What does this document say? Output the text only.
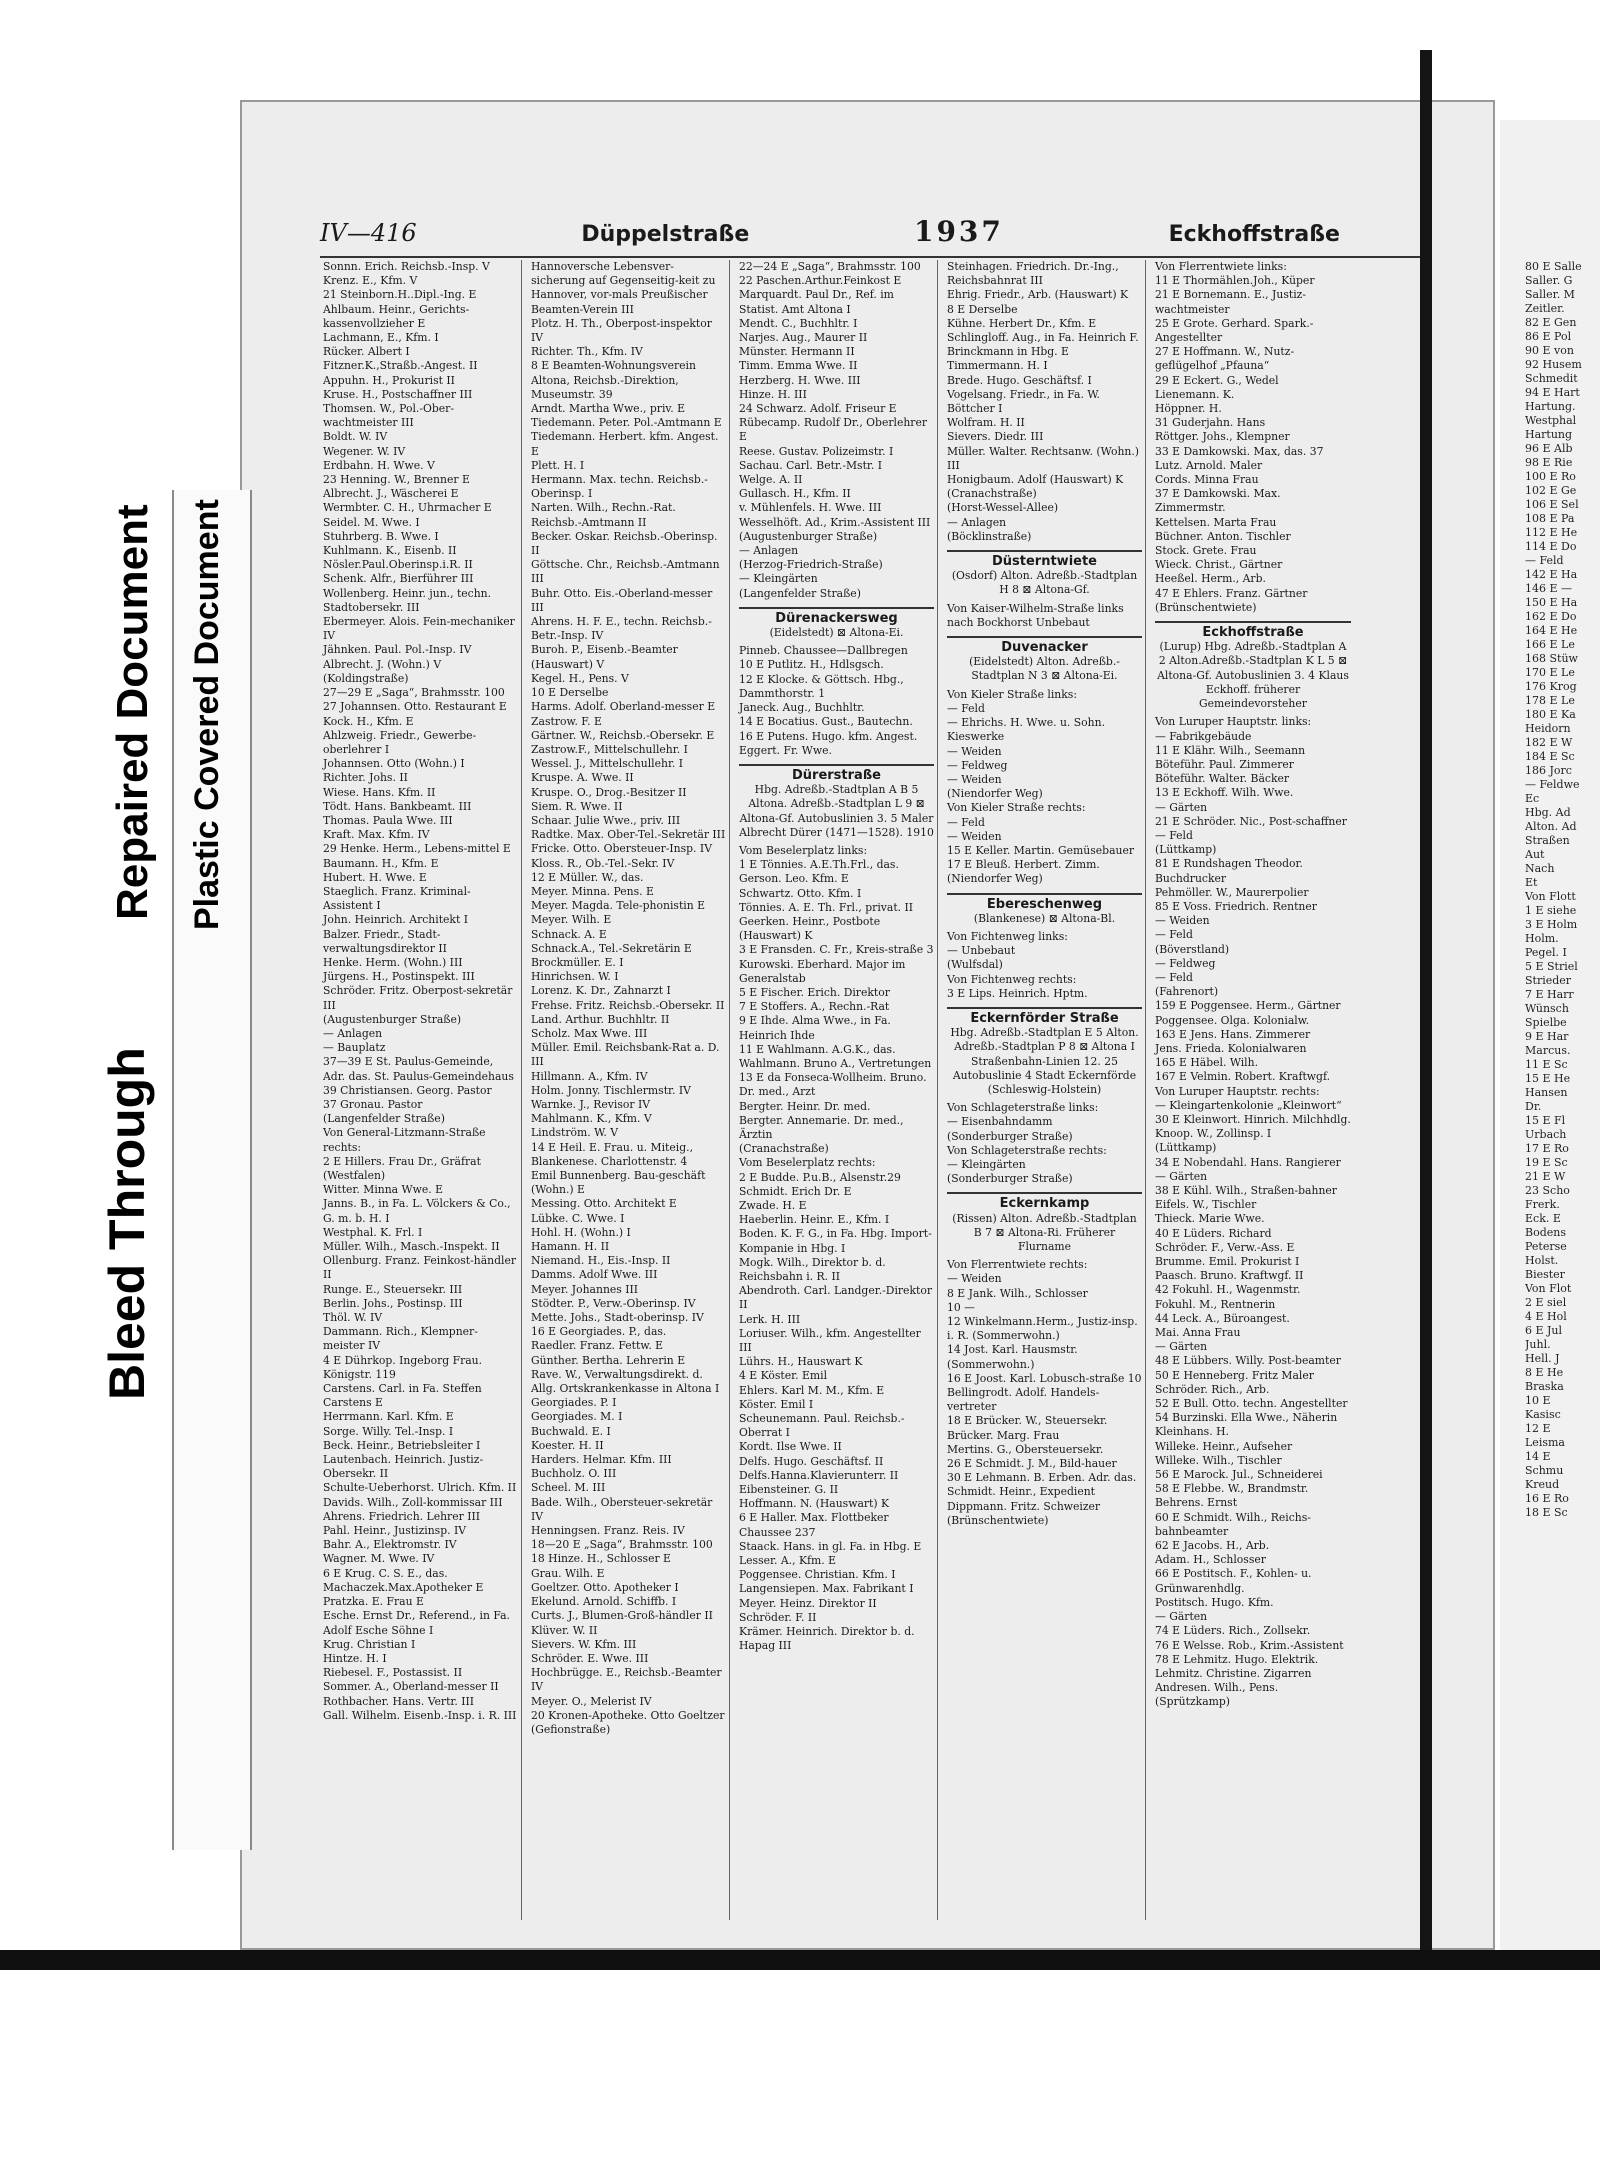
Bleed Through
Repaired Document Plastic Covered Document
IV—416	Düppelstraße	1937	Eckhoffstraße
Sonnn. Erich. Reichsb.-Insp. V
Krenz. E., Kfm. V
21 Steinborn.H..Dipl.-Ing. E
Ahlbaum. Heinr., Gerichts-kassenvollzieher E
Lachmann, E., Kfm. I
Rücker. Albert I
Fitzner.K.,Straßb.-Angest. II
Appuhn. H., Prokurist II
Kruse. H., Postschaffner III
Thomsen. W., Pol.-Ober-wachtmeister III
Boldt. W. IV
Wegener. W. IV
Erdbahn. H. Wwe. V
23 Henning. W., Brenner E
Albrecht. J., Wäscherei E
Wermbter. C. H., Uhrmacher E
Seidel. M. Wwe. I
Stuhrberg. B. Wwe. I
Kuhlmann. K., Eisenb. II
Nösler.Paul.Oberinsp.i.R. II
Schenk. Alfr., Bierführer III
Wollenberg. Heinr. jun., techn. Stadtobersekr. III
Ebermeyer. Alois. Fein-mechaniker IV
Jähnken. Paul. Pol.-Insp. IV
Albrecht. J. (Wohn.) V
(Koldingstraße)
27—29 E „Saga“, Brahmsstr. 100
27 Johannsen. Otto. Restaurant E
Kock. H., Kfm. E
Ahlzweig. Friedr., Gewerbe-oberlehrer I
Johannsen. Otto (Wohn.) I
Richter. Johs. II
Wiese. Hans. Kfm. II
Tödt. Hans. Bankbeamt. III
Thomas. Paula Wwe. III
Kraft. Max. Kfm. IV
29 Henke. Herm., Lebens-mittel E
Baumann. H., Kfm. E
Hubert. H. Wwe. E
Staeglich. Franz. Kriminal-Assistent I
John. Heinrich. Architekt I
Balzer. Friedr., Stadt-verwaltungsdirektor II
Henke. Herm. (Wohn.) III
Jürgens. H., Postinspekt. III
Schröder. Fritz. Oberpost-sekretär III
(Augustenburger Straße)
— Anlagen
— Bauplatz
37—39 E St. Paulus-Gemeinde, Adr. das. St. Paulus-Gemeindehaus
39 Christiansen. Georg. Pastor
37 Gronau. Pastor
(Langenfelder Straße)
Von General-Litzmann-Straße rechts:
2 E Hillers. Frau Dr., Gräfrat (Westfalen)
Witter. Minna Wwe. E
Janns. B., in Fa. L. Völckers & Co., G. m. b. H. I
Westphal. K. Frl. I
Müller. Wilh., Masch.-Inspekt. II
Ollenburg. Franz. Feinkost-händler II
Runge. E., Steuersekr. III
Berlin. Johs., Postinsp. III
Thöl. W. IV
Dammann. Rich., Klempner-meister IV
4 E Dührkop. Ingeborg Frau. Königstr. 119
Carstens. Carl. in Fa. Steffen Carstens E
Herrmann. Karl. Kfm. E
Sorge. Willy. Tel.-Insp. I
Beck. Heinr., Betriebsleiter I
Lautenbach. Heinrich. Justiz-Obersekr. II
Schulte-Ueberhorst. Ulrich. Kfm. II
Davids. Wilh., Zoll-kommissar III
Ahrens. Friedrich. Lehrer III
Pahl. Heinr., Justizinsp. IV
Bahr. A., Elektromstr. IV
Wagner. M. Wwe. IV
6 E Krug. C. S. E., das. Machaczek.Max.Apotheker E
Pratzka. E. Frau E
Esche. Ernst Dr., Referend., in Fa. Adolf Esche Söhne I
Krug. Christian I
Hintze. H. I
Riebesel. F., Postassist. II
Sommer. A., Oberland-messer II
Rothbacher. Hans. Vertr. III
Gall. Wilhelm. Eisenb.-Insp. i. R. III
Hannoversche Lebensver-sicherung auf Gegenseitig-keit zu Hannover, vor-mals Preußischer Beamten-Verein III
Plotz. H. Th., Oberpost-inspektor IV
Richter. Th., Kfm. IV
8 E Beamten-Wohnungsverein Altona, Reichsb.-Direktion, Museumstr. 39
Arndt. Martha Wwe., priv. E
Tiedemann. Peter. Pol.-Amtmann E
Tiedemann. Herbert. kfm. Angest. E
Plett. H. I
Hermann. Max. techn. Reichsb.-Oberinsp. I
Narten. Wilh., Rechn.-Rat. Reichsb.-Amtmann II
Becker. Oskar. Reichsb.-Oberinsp. II
Göttsche. Chr., Reichsb.-Amtmann III
Buhr. Otto. Eis.-Oberland-messer III
Ahrens. H. F. E., techn. Reichsb.-Betr.-Insp. IV
Buroh. P., Eisenb.-Beamter (Hauswart) V
Kegel. H., Pens. V
10 E Derselbe
Harms. Adolf. Oberland-messer E
Zastrow. F. E
Gärtner. W., Reichsb.-Obersekr. E
Zastrow.F., Mittelschullehr. I
Wessel. J., Mittelschullehr. I
Kruspe. A. Wwe. II
Kruspe. O., Drog.-Besitzer II
Siem. R. Wwe. II
Schaar. Julie Wwe., priv. III
Radtke. Max. Ober-Tel.-Sekretär III
Fricke. Otto. Obersteuer-Insp. IV
Kloss. R., Ob.-Tel.-Sekr. IV
12 E Müller. W., das.
Meyer. Minna. Pens. E
Meyer. Magda. Tele-phonistin E
Meyer. Wilh. E
Schnack. A. E
Schnack.A., Tel.-Sekretärin E
Brockmüller. E. I
Hinrichsen. W. I
Lorenz. K. Dr., Zahnarzt I
Frehse. Fritz. Reichsb.-Obersekr. II
Land. Arthur. Buchhltr. II
Scholz. Max Wwe. III
Müller. Emil. Reichsbank-Rat a. D. III
Hillmann. A., Kfm. IV
Holm. Jonny. Tischlermstr. IV
Warnke. J., Revisor IV
Mahlmann. K., Kfm. V
Lindström. W. V
14 E Heil. E. Frau. u. Miteig., Blankenese. Charlottenstr. 4
Emil Bunnenberg. Bau-geschäft (Wohn.) E
Messing. Otto. Architekt E
Lübke. C. Wwe. I
Hohl. H. (Wohn.) I
Hamann. H. II
Niemand. H., Eis.-Insp. II
Damms. Adolf Wwe. III
Meyer. Johannes III
Stödter. P., Verw.-Oberinsp. IV
Mette. Johs., Stadt-oberinsp. IV
16 E Georgiades. P., das.
Raedler. Franz. Fettw. E
Günther. Bertha. Lehrerin E
Rave. W., Verwaltungsdirekt. d. Allg. Ortskrankenkasse in Altona I
Georgiades. P. I
Georgiades. M. I
Buchwald. E. I
Koester. H. II
Harders. Helmar. Kfm. III
Buchholz. O. III
Scheel. M. III
Bade. Wilh., Obersteuer-sekretär IV
Henningsen. Franz. Reis. IV
18—20 E „Saga“, Brahmsstr. 100
18 Hinze. H., Schlosser E
Grau. Wilh. E
Goeltzer. Otto. Apotheker I
Ekelund. Arnold. Schiffb. I
Curts. J., Blumen-Groß-händler II
Klüver. W. II
Sievers. W. Kfm. III
Schröder. E. Wwe. III
Hochbrügge. E., Reichsb.-Beamter IV
Meyer. O., Melerist IV
20 Kronen-Apotheke. Otto Goeltzer
(Gefionstraße)
22—24 E „Saga“, Brahmsstr. 100
22 Paschen.Arthur.Feinkost E
Marquardt. Paul Dr., Ref. im Statist. Amt Altona I
Mendt. C., Buchhltr. I
Narjes. Aug., Maurer II
Münster. Hermann II
Timm. Emma Wwe. II
Herzberg. H. Wwe. III
Hinze. H. III
24 Schwarz. Adolf. Friseur E
Rübecamp. Rudolf Dr., Oberlehrer E
Reese. Gustav. Polizeimstr. I
Sachau. Carl. Betr.-Mstr. I
Welge. A. II
Gullasch. H., Kfm. II
v. Mühlenfels. H. Wwe. III
Wesselhöft. Ad., Krim.-Assistent III
(Augustenburger Straße)
— Anlagen
(Herzog-Friedrich-Straße)
— Kleingärten
(Langenfelder Straße)
Dürenackersweg
(Eidelstedt) ⊠ Altona-Ei.
Pinneb. Chaussee—Dallbregen
10 E Putlitz. H., Hdlsgsch.
12 E Klocke. & Göttsch. Hbg., Dammthorstr. 1
Janeck. Aug., Buchhltr.
14 E Bocatius. Gust., Bautechn.
16 E Putens. Hugo. kfm. Angest.
Eggert. Fr. Wwe.
Dürerstraße
Hbg. Adreßb.-Stadtplan A B 5 Altona. Adreßb.-Stadtplan L 9 ⊠ Altona-Gf. Autobuslinien 3. 5 Maler Albrecht Dürer (1471—1528). 1910
Vom Beselerplatz links:
1 E Tönnies. A.E.Th.Frl., das.
Gerson. Leo. Kfm. E
Schwartz. Otto. Kfm. I
Tönnies. A. E. Th. Frl., privat. II
Geerken. Heinr., Postbote (Hauswart) K
3 E Fransden. C. Fr., Kreis-straße 3
Kurowski. Eberhard. Major im Generalstab
5 E Fischer. Erich. Direktor
7 E Stoffers. A., Rechn.-Rat
9 E Ihde. Alma Wwe., in Fa. Heinrich Ihde
11 E Wahlmann. A.G.K., das. Wahlmann. Bruno A., Vertretungen
13 E da Fonseca-Wollheim. Bruno. Dr. med., Arzt
Bergter. Heinr. Dr. med.
Bergter. Annemarie. Dr. med., Ärztin
(Cranachstraße)
Vom Beselerplatz rechts:
2 E Budde. P.u.B., Alsenstr.29
Schmidt. Erich Dr. E
Zwade. H. E
Haeberlin. Heinr. E., Kfm. I
Boden. K. F. G., in Fa. Hbg. Import-Kompanie in Hbg. I
Mogk. Wilh., Direktor b. d. Reichsbahn i. R. II
Abendroth. Carl. Landger.-Direktor II
Lerk. H. III
Loriuser. Wilh., kfm. Angestellter III
Lührs. H., Hauswart K
4 E Köster. Emil
Ehlers. Karl M. M., Kfm. E
Köster. Emil I
Scheunemann. Paul. Reichsb.-Oberrat I
Kordt. Ilse Wwe. II
Delfs. Hugo. Geschäftsf. II
Delfs.Hanna.Klavierunterr. II
Eibensteiner. G. II
Hoffmann. N. (Hauswart) K
6 E Haller. Max. Flottbeker Chaussee 237
Staack. Hans. in gl. Fa. in Hbg. E
Lesser. A., Kfm. E
Poggensee. Christian. Kfm. I
Langensiepen. Max. Fabrikant I
Meyer. Heinz. Direktor II
Schröder. F. II
Krämer. Heinrich. Direktor b. d. Hapag III
Steinhagen. Friedrich. Dr.-Ing., Reichsbahnrat III
Ehrig. Friedr., Arb. (Hauswart) K
8 E Derselbe
Kühne. Herbert Dr., Kfm. E
Schlingloff. Aug., in Fa. Heinrich F. Brinckmann in Hbg. E
Timmermann. H. I
Brede. Hugo. Geschäftsf. I
Vogelsang. Friedr., in Fa. W. Böttcher I
Wolfram. H. II
Sievers. Diedr. III
Müller. Walter. Rechtsanw. (Wohn.) III
Honigbaum. Adolf (Hauswart) K
(Cranachstraße)
(Horst-Wessel-Allee)
— Anlagen
(Böcklinstraße)
Düsterntwiete
(Osdorf) Alton. Adreßb.-Stadtplan H 8 ⊠ Altona-Gf.
Von Kaiser-Wilhelm-Straße links nach Bockhorst Unbebaut
Duvenacker
(Eidelstedt) Alton. Adreßb.-Stadtplan N 3 ⊠ Altona-Ei.
Von Kieler Straße links:
— Feld
— Ehrichs. H. Wwe. u. Sohn. Kieswerke
— Weiden
— Feldweg
— Weiden
(Niendorfer Weg)
Von Kieler Straße rechts:
— Feld
— Weiden
15 E Keller. Martin. Gemüsebauer
17 E Bleuß. Herbert. Zimm. (Niendorfer Weg)
Ebereschenweg
(Blankenese) ⊠ Altona-Bl.
Von Fichtenweg links:
— Unbebaut
(Wulfsdal)
Von Fichtenweg rechts:
3 E Lips. Heinrich. Hptm.
Eckernförder Straße
Hbg. Adreßb.-Stadtplan E 5 Alton. Adreßb.-Stadtplan P 8 ⊠ Altona I Straßenbahn-Linien 12. 25 Autobuslinie 4 Stadt Eckernförde (Schleswig-Holstein)
Von Schlageterstraße links:
— Eisenbahndamm
(Sonderburger Straße)
Von Schlageterstraße rechts:
— Kleingärten
(Sonderburger Straße)
Eckernkamp
(Rissen) Alton. Adreßb.-Stadtplan B 7 ⊠ Altona-Ri. Früherer Flurname
Von Flerrentwiete rechts:
— Weiden
8 E Jank. Wilh., Schlosser
10 —
12 Winkelmann.Herm., Justiz-insp. i. R. (Sommerwohn.)
14 Jost. Karl. Hausmstr. (Sommerwohn.)
16 E Joost. Karl. Lobusch-straße 10
Bellingrodt. Adolf. Handels-vertreter
18 E Brücker. W., Steuersekr.
Brücker. Marg. Frau
Mertins. G., Obersteuersekr.
26 E Schmidt. J. M., Bild-hauer
30 E Lehmann. B. Erben. Adr. das.
Schmidt. Heinr., Expedient
Dippmann. Fritz. Schweizer
(Brünschentwiete)
Von Flerrentwiete links:
11 E Thormählen.Joh., Küper
21 E Bornemann. E., Justiz-wachtmeister
25 E Grote. Gerhard. Spark.-Angestellter
27 E Hoffmann. W., Nutz-geflügelhof „Pfauna“
29 E Eckert. G., Wedel
Lienemann. K.
Höppner. H.
31 Guderjahn. Hans
Röttger. Johs., Klempner
33 E Damkowski. Max, das. 37
Lutz. Arnold. Maler
Cords. Minna Frau
37 E Damkowski. Max. Zimmermstr.
Kettelsen. Marta Frau
Büchner. Anton. Tischler
Stock. Grete. Frau
Wieck. Christ., Gärtner
Heeßel. Herm., Arb.
47 E Ehlers. Franz. Gärtner
(Brünschentwiete)
Eckhoffstraße
(Lurup) Hbg. Adreßb.-Stadtplan A 2 Alton.Adreßb.-Stadtplan K L 5 ⊠ Altona-Gf. Autobuslinien 3. 4 Klaus Eckhoff. früherer Gemeindevorsteher
Von Luruper Hauptstr. links:
— Fabrikgebäude
11 E Klähr. Wilh., Seemann
Böteführ. Paul. Zimmerer
Böteführ. Walter. Bäcker
13 E Eckhoff. Wilh. Wwe.
— Gärten
21 E Schröder. Nic., Post-schaffner
— Feld
(Lüttkamp)
81 E Rundshagen Theodor. Buchdrucker
Pehmöller. W., Maurerpolier
85 E Voss. Friedrich. Rentner
— Weiden
— Feld
(Böverstland)
— Feldweg
— Feld
(Fahrenort)
159 E Poggensee. Herm., Gärtner
Poggensee. Olga. Kolonialw.
163 E Jens. Hans. Zimmerer
Jens. Frieda. Kolonialwaren
165 E Häbel. Wilh.
167 E Velmin. Robert. Kraftwgf.
Von Luruper Hauptstr. rechts:
— Kleingartenkolonie „Kleinwort“
30 E Kleinwort. Hinrich. Milchhdlg.
Knoop. W., Zollinsp. I
(Lüttkamp)
34 E Nobendahl. Hans. Rangierer
— Gärten
38 E Kühl. Wilh., Straßen-bahner
Eifels. W., Tischler
Thieck. Marie Wwe.
40 E Lüders. Richard
Schröder. F., Verw.-Ass. E
Brumme. Emil. Prokurist I
Paasch. Bruno. Kraftwgf. II
42 Fokuhl. H., Wagenmstr.
Fokuhl. M., Rentnerin
44 Leck. A., Büroangest.
Mai. Anna Frau
— Gärten
48 E Lübbers. Willy. Post-beamter
50 E Henneberg. Fritz Maler
Schröder. Rich., Arb.
52 E Bull. Otto. techn. Angestellter
54 Burzinski. Ella Wwe., Näherin
Kleinhans. H.
Willeke. Heinr., Aufseher
Willeke. Wilh., Tischler
56 E Marock. Jul., Schneiderei
58 E Flebbe. W., Brandmstr.
Behrens. Ernst
60 E Schmidt. Wilh., Reichs-bahnbeamter
62 E Jacobs. H., Arb.
Adam. H., Schlosser
66 E Postitsch. F., Kohlen- u. Grünwarenhdlg.
Postitsch. Hugo. Kfm.
— Gärten
74 E Lüders. Rich., Zollsekr.
76 E Welsse. Rob., Krim.-Assistent
78 E Lehmitz. Hugo. Elektrik.
Lehmitz. Christine. Zigarren
Andresen. Wilh., Pens.
(Sprützkamp)
80 E Salle
Saller. G
Saller. M
Zeitler.
82 E Gen
86 E Pol
90 E von
92 Husem
Schmedit
94 E Hart
Hartung.
Westphal
Hartung
96 E Alb
98 E Rie
100 E Ro
102 E Ge
106 E Sel
108 E Pa
112 E He
114 E Do
— Feld
142 E Ha
146 E —
150 E Ha
162 E Do
164 E He
166 E Le
168 Stüw
170 E Le
176 Krog
178 E Le
180 E Ka
Heidorn
182 E W
184 E Sc
186 Jorc
— Feldwe
Ec
Hbg. Ad
Alton. Ad
Straßen
Aut
Nach
Et
Von Flott
1 E siehe
3 E Holm
Holm.
Pegel. I
5 E Striel
Strieder
7 E Harr
Wünsch
Spielbe
9 E Har
Marcus.
11 E Sc
15 E He
Hansen
Dr.
15 E Fl
Urbach
17 E Ro
19 E Sc
21 E W
23 Scho
Frerk.
Eck. E
Bodens
Peterse
Holst.
Biester
Von Flot
2 E siel
4 E Hol
6 E Jul
Juhl.
Hell. J
8 E He
Braska
10 E
Kasisc
12 E
Leisma
14 E
Schmu
Kreud
16 E Ro
18 E Sc
